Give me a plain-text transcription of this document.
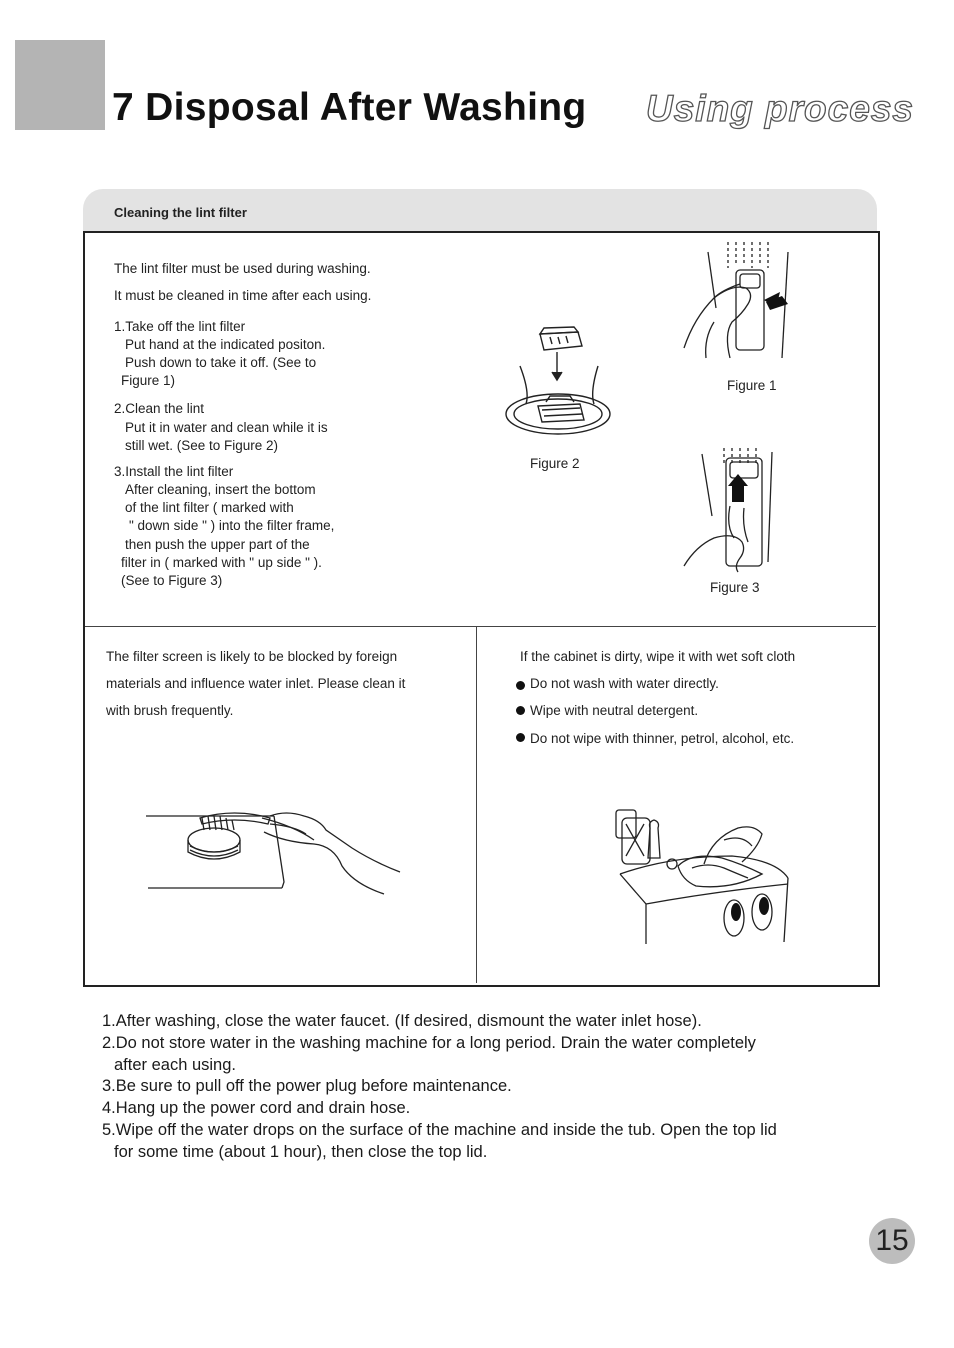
7 Disposal After Washing Using process
Cleaning the lint filter
The lint filter must be used during washing.
It must be cleaned in time after each using.
1.Take off the lint filter
Put hand at the indicated positon.
Push down to take it off. (See to
Figure 1)
2.Clean the lint
Put it in water and clean while it is
still wet. (See to Figure 2)
3.Install the lint filter
After cleaning, insert the bottom
of the lint filter ( marked with
" down side " ) into the filter frame,
then push the upper part of the
filter in ( marked with " up side " ).
(See to Figure 3)
Figure 2
Figure 1
Figure 3
The filter screen is likely to be blocked by foreign
materials and influence water inlet. Please clean it
with brush frequently.
If the cabinet is dirty, wipe it with wet soft cloth
Do not wash with water directly.
Wipe with neutral detergent.
Do not wipe with thinner, petrol, alcohol, etc.
1.After washing, close the water faucet. (If desired, dismount the water inlet hose).
2.Do not store water in the washing machine for a long period. Drain the water completely
after each using.
3.Be sure to pull off the power plug before maintenance.
4.Hang up the power cord and drain hose.
5.Wipe off the water drops on the surface of the machine and inside the tub. Open the top lid
for some time (about 1 hour), then close the top lid.
15
